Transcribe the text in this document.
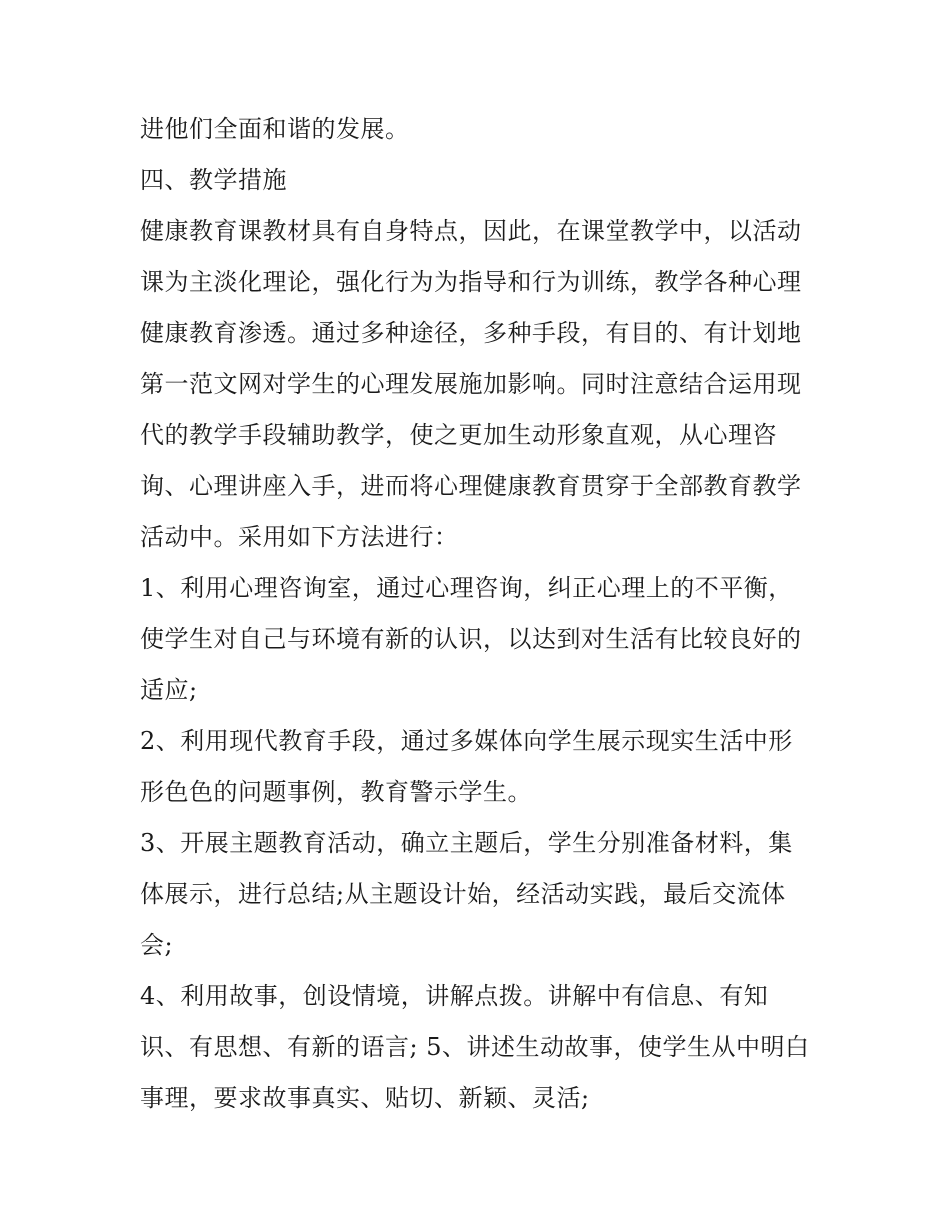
进他们全面和谐的发展。
四、教学措施
健康教育课教材具有自身特点，因此，在课堂教学中，以活动
课为主淡化理论，强化行为为指导和行为训练，教学各种心理
健康教育渗透。通过多种途径，多种手段，有目的、有计划地
第一范文网对学生的心理发展施加影响。同时注意结合运用现
代的教学手段辅助教学，使之更加生动形象直观，从心理咨
询、心理讲座入手，进而将心理健康教育贯穿于全部教育教学
活动中。采用如下方法进行：
1、利用心理咨询室，通过心理咨询，纠正心理上的不平衡，
使学生对自己与环境有新的认识，以达到对生活有比较良好的
适应;
2、利用现代教育手段，通过多媒体向学生展示现实生活中形
形色色的问题事例，教育警示学生。
3、开展主题教育活动，确立主题后，学生分别准备材料，集
体展示，进行总结;从主题设计始，经活动实践，最后交流体
会;
4、利用故事，创设情境，讲解点拨。讲解中有信息、有知
识、有思想、有新的语言; 5、讲述生动故事，使学生从中明白
事理，要求故事真实、贴切、新颖、灵活;
